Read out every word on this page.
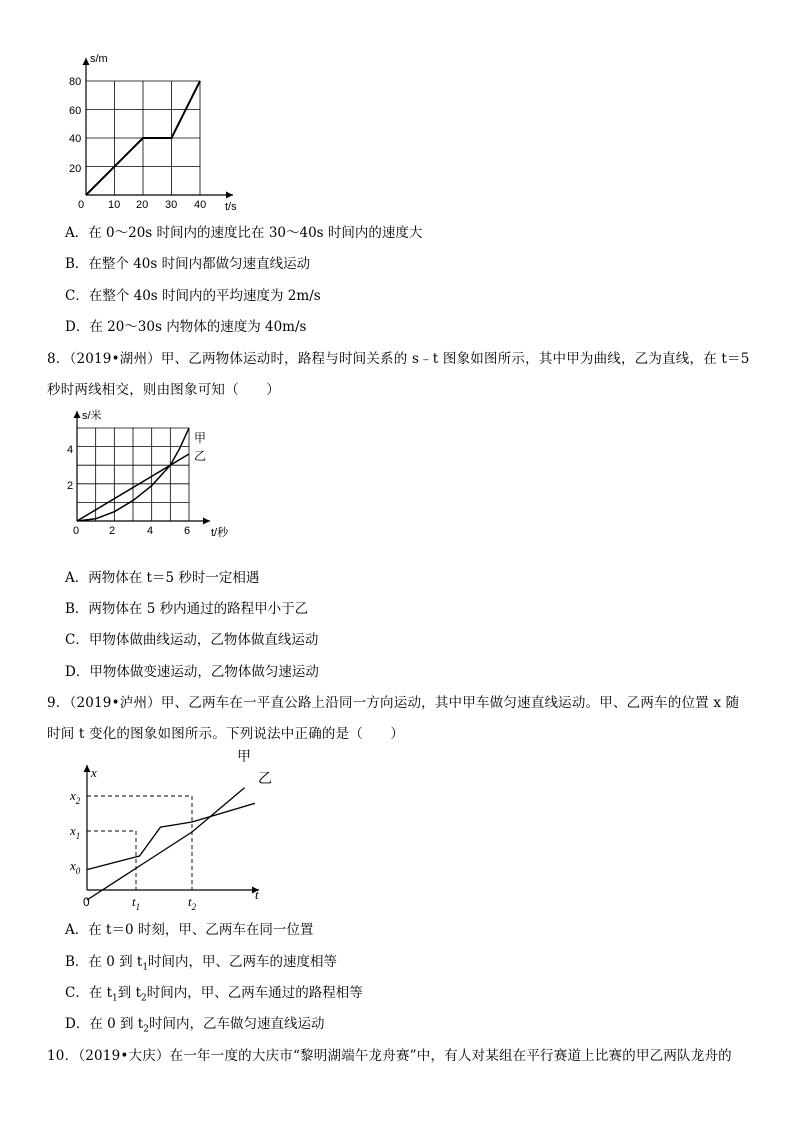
s/m
t/s
0 10 20 30 40
20
40
60
80
A．在 0～20s 时间内的速度比在 30～40s 时间内的速度大
B．在整个 40s 时间内都做匀速直线运动
C．在整个 40s 时间内的平均速度为 2m/s
D．在 20～30s 内物体的速度为 40m/s
8．（2019•湖州）甲、乙两物体运动时，路程与时间关系的 s﹣t 图象如图所示，其中甲为曲线，乙为直线，在 t＝5
秒时两线相交，则由图象可知（　　）
s/米
t/秒
0	2	4	6
2
4
甲
乙
A．两物体在 t＝5 秒时一定相遇
B．两物体在 5 秒内通过的路程甲小于乙
C．甲物体做曲线运动，乙物体做直线运动
D．甲物体做变速运动，乙物体做匀速运动
9．（2019•泸州）甲、乙两车在一平直公路上沿同一方向运动，其中甲车做匀速直线运动。甲、乙两车的位置 x 随
时间 t 变化的图象如图所示。下列说法中正确的是（　　）
甲
乙
x
t
0
$x_2$
$x_1$
$x_0$
$t_1$	$t_2$
A．在 t＝0 时刻，甲、乙两车在同一位置
B．在 0 到 $t_1$时间内，甲、乙两车的速度相等
C．在 $t_1$到 $t_2$时间内，甲、乙两车通过的路程相等
D．在 0 到 $t_2$时间内，乙车做匀速直线运动
10．（2019•大庆）在一年一度的大庆市“黎明湖端午龙舟赛”中，有人对某组在平行赛道上比赛的甲乙两队龙舟的
